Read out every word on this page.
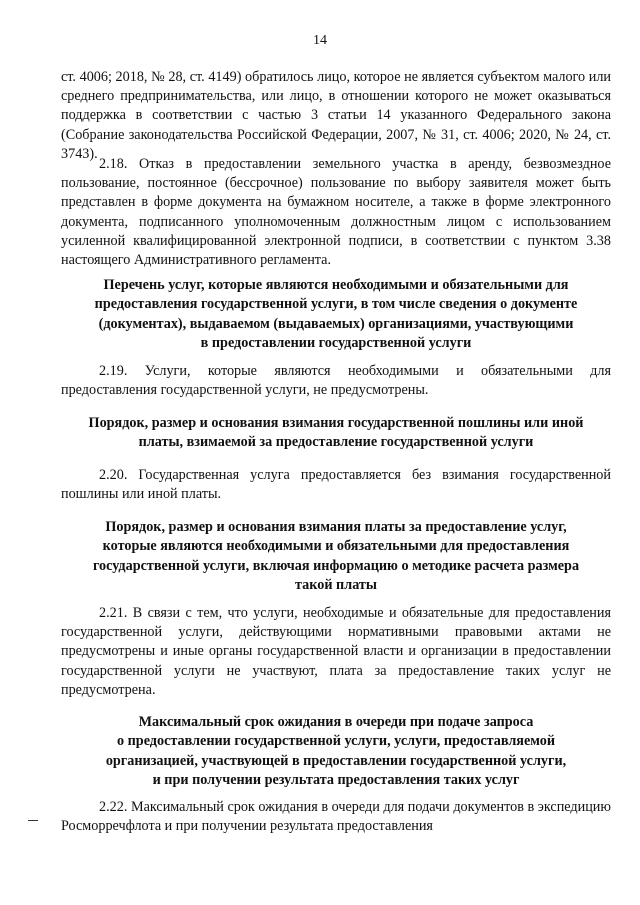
14

ст. 4006; 2018, № 28, ст. 4149) обратилось лицо, которое не является субъектом малого или среднего предпринимательства, или лицо, в отношении которого не может оказываться поддержка в соответствии с частью 3 статьи 14 указанного Федерального закона (Собрание законодательства Российской Федерации, 2007, № 31, ст. 4006; 2020, № 24, ст. 3743).

2.18. Отказ в предоставлении земельного участка в аренду, безвозмездное пользование, постоянное (бессрочное) пользование по выбору заявителя может быть представлен в форме документа на бумажном носителе, а также в форме электронного документа, подписанного уполномоченным должностным лицом с использованием усиленной квалифицированной электронной подписи, в соответствии с пунктом 3.38 настоящего Административного регламента.

Перечень услуг, которые являются необходимыми и обязательными для
предоставления государственной услуги, в том числе сведения о документе
(документах), выдаваемом (выдаваемых) организациями, участвующими
в предоставлении государственной услуги

2.19. Услуги, которые являются необходимыми и обязательными для предоставления государственной услуги, не предусмотрены.

Порядок, размер и основания взимания государственной пошлины или иной
платы, взимаемой за предоставление государственной услуги

2.20. Государственная услуга предоставляется без взимания государственной пошлины или иной платы.

Порядок, размер и основания взимания платы за предоставление услуг,
которые являются необходимыми и обязательными для предоставления
государственной услуги, включая информацию о методике расчета размера
такой платы

2.21. В связи с тем, что услуги, необходимые и обязательные для предоставления государственной услуги, действующими нормативными правовыми актами не предусмотрены и иные органы государственной власти и организации в предоставлении государственной услуги не участвуют, плата за предоставление таких услуг не предусмотрена.

Максимальный срок ожидания в очереди при подаче запроса
о предоставлении государственной услуги, услуги, предоставляемой
организацией, участвующей в предоставлении государственной услуги,
и при получении результата предоставления таких услуг

2.22. Максимальный срок ожидания в очереди для подачи документов в экспедицию Росморречфлота и при получении результата предоставления
